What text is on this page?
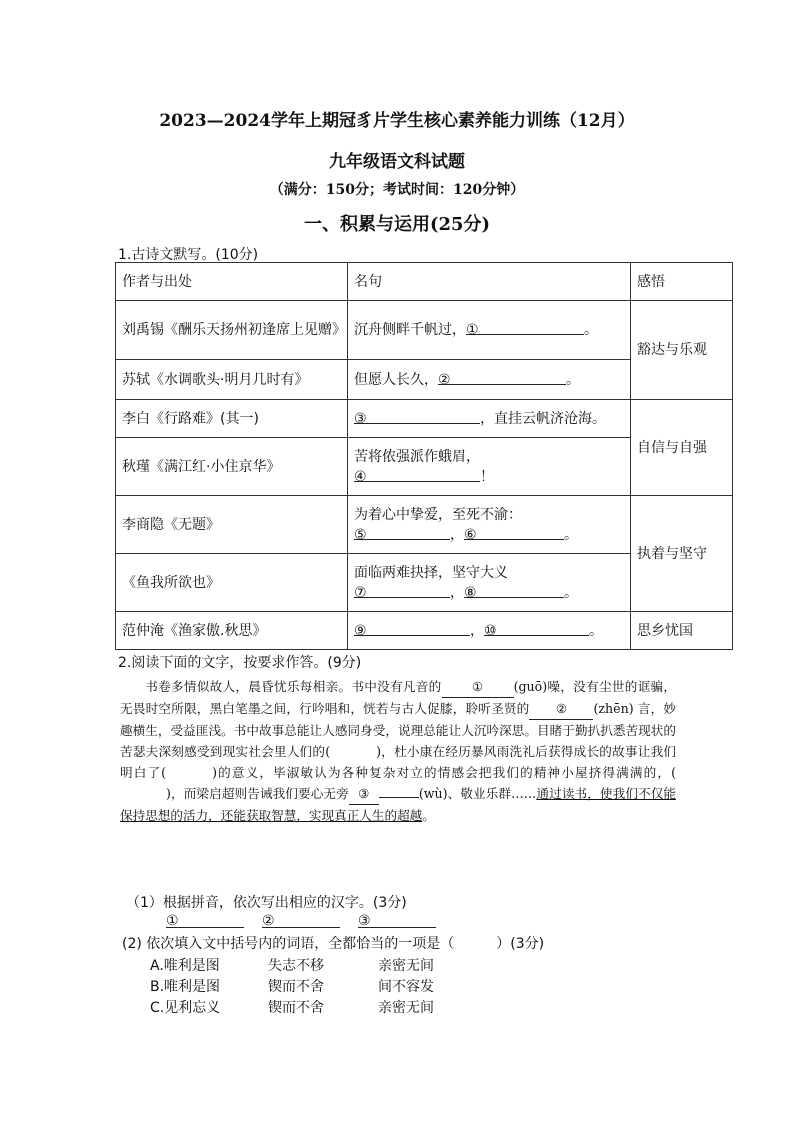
2023—2024学年上期冠豸片学生核心素养能力训练（12月）
九年级语文科试题
（满分：150分；考试时间：120分钟）
一、积累与运用(25分)
1.古诗文默写。(10分)
作者与出处	名句	感悟
刘禹锡《酬乐天扬州初逢席上见赠》	沉舟侧畔千帆过，① 。	豁达与乐观
苏轼《水调歌头·明月几时有》	但愿人长久，② 。	
李白《行路难》(其一)	③ ，直挂云帆济沧海。	自信与自强
秋瑾《满江红·小住京华》	苦将侬强派作蛾眉，
④ ！	
李商隐《无题》	为着心中挚爱，至死不渝：
⑤ ，⑥ 。	执着与坚守
《鱼我所欲也》	面临两难抉择，坚守大义
⑦ ，⑧ 。	
范仲淹《渔家傲.秋思》	⑨ ，⑩ 。	思乡忧国
2.阅读下面的文字，按要求作答。(9分)

书卷多情似故人，晨昏忧乐每相亲。书中没有凡音的 ① (guō)噪，没有尘世的诓骗，无畏时空所限，黑白笔墨之间，行吟唱和，恍若与古人促膝，聆听圣贤的 ② (zhēn) 言，妙趣横生，受益匪浅。书中故事总能让人感同身受，说理总能让人沉吟深思。目睹于勤扒扒悉苦现状的苦瑟夫深刻感受到现实社会里人们的(	)，杜小康在经历暴风雨洗礼后获得成长的故事让我们明白了(	)的意义，毕淑敏认为各种复杂对立的情感会把我们的精神小屋挤得满满的，()，而梁启超则告诫我们要心无旁 ③	(wù)、敬业乐群……通过读书，使我们不仅能保持思想的活力，还能获取智慧，实现真正人生的超越。

（1）根据拼音，依次写出相应的汉字。(3分)
①	②	③
(2) 依次填入文中括号内的词语，全都恰当的一项是（　　　）(3分)
A.唯利是图	失志不移	亲密无间
B.唯利是图	锲而不舍	间不容发
C.见利忘义	锲而不舍	亲密无间
